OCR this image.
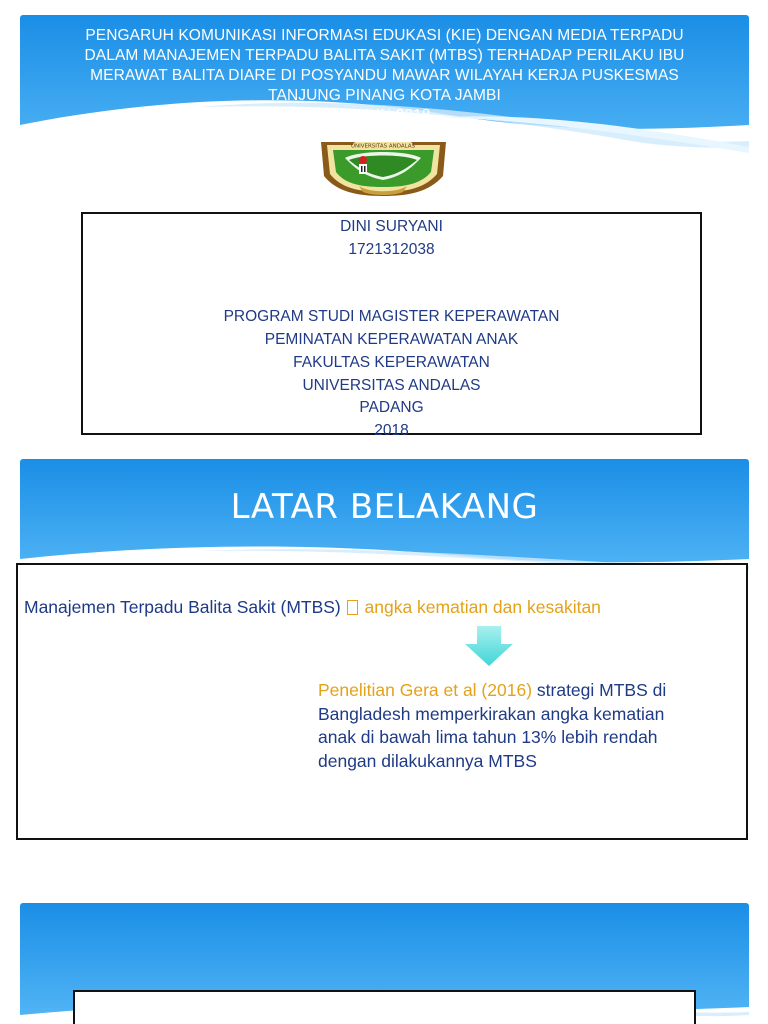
PENGARUH KOMUNIKASI INFORMASI EDUKASI (KIE) DENGAN MEDIA TERPADU
DALAM MANAJEMEN TERPADU BALITA SAKIT (MTBS) TERHADAP PERILAKU IBU
MERAWAT BALITA DIARE DI POSYANDU MAWAR WILAYAH KERJA PUSKESMAS
TANJUNG PINANG KOTA JAMBI
TAHUN 2018
UNIVERSITAS ANDALAS
DINI SURYANI
1721312038
PROGRAM STUDI MAGISTER KEPERAWATAN
PEMINATAN KEPERAWATAN ANAK
FAKULTAS KEPERAWATAN
UNIVERSITAS ANDALAS
PADANG
2018
LATAR BELAKANG
Manajemen Terpadu Balita Sakit (MTBS) angka kematian dan kesakitan
Penelitian Gera et al (2016) strategi MTBS di
Bangladesh memperkirakan angka kematian
anak di bawah lima tahun 13% lebih rendah
dengan dilakukannya MTBS
